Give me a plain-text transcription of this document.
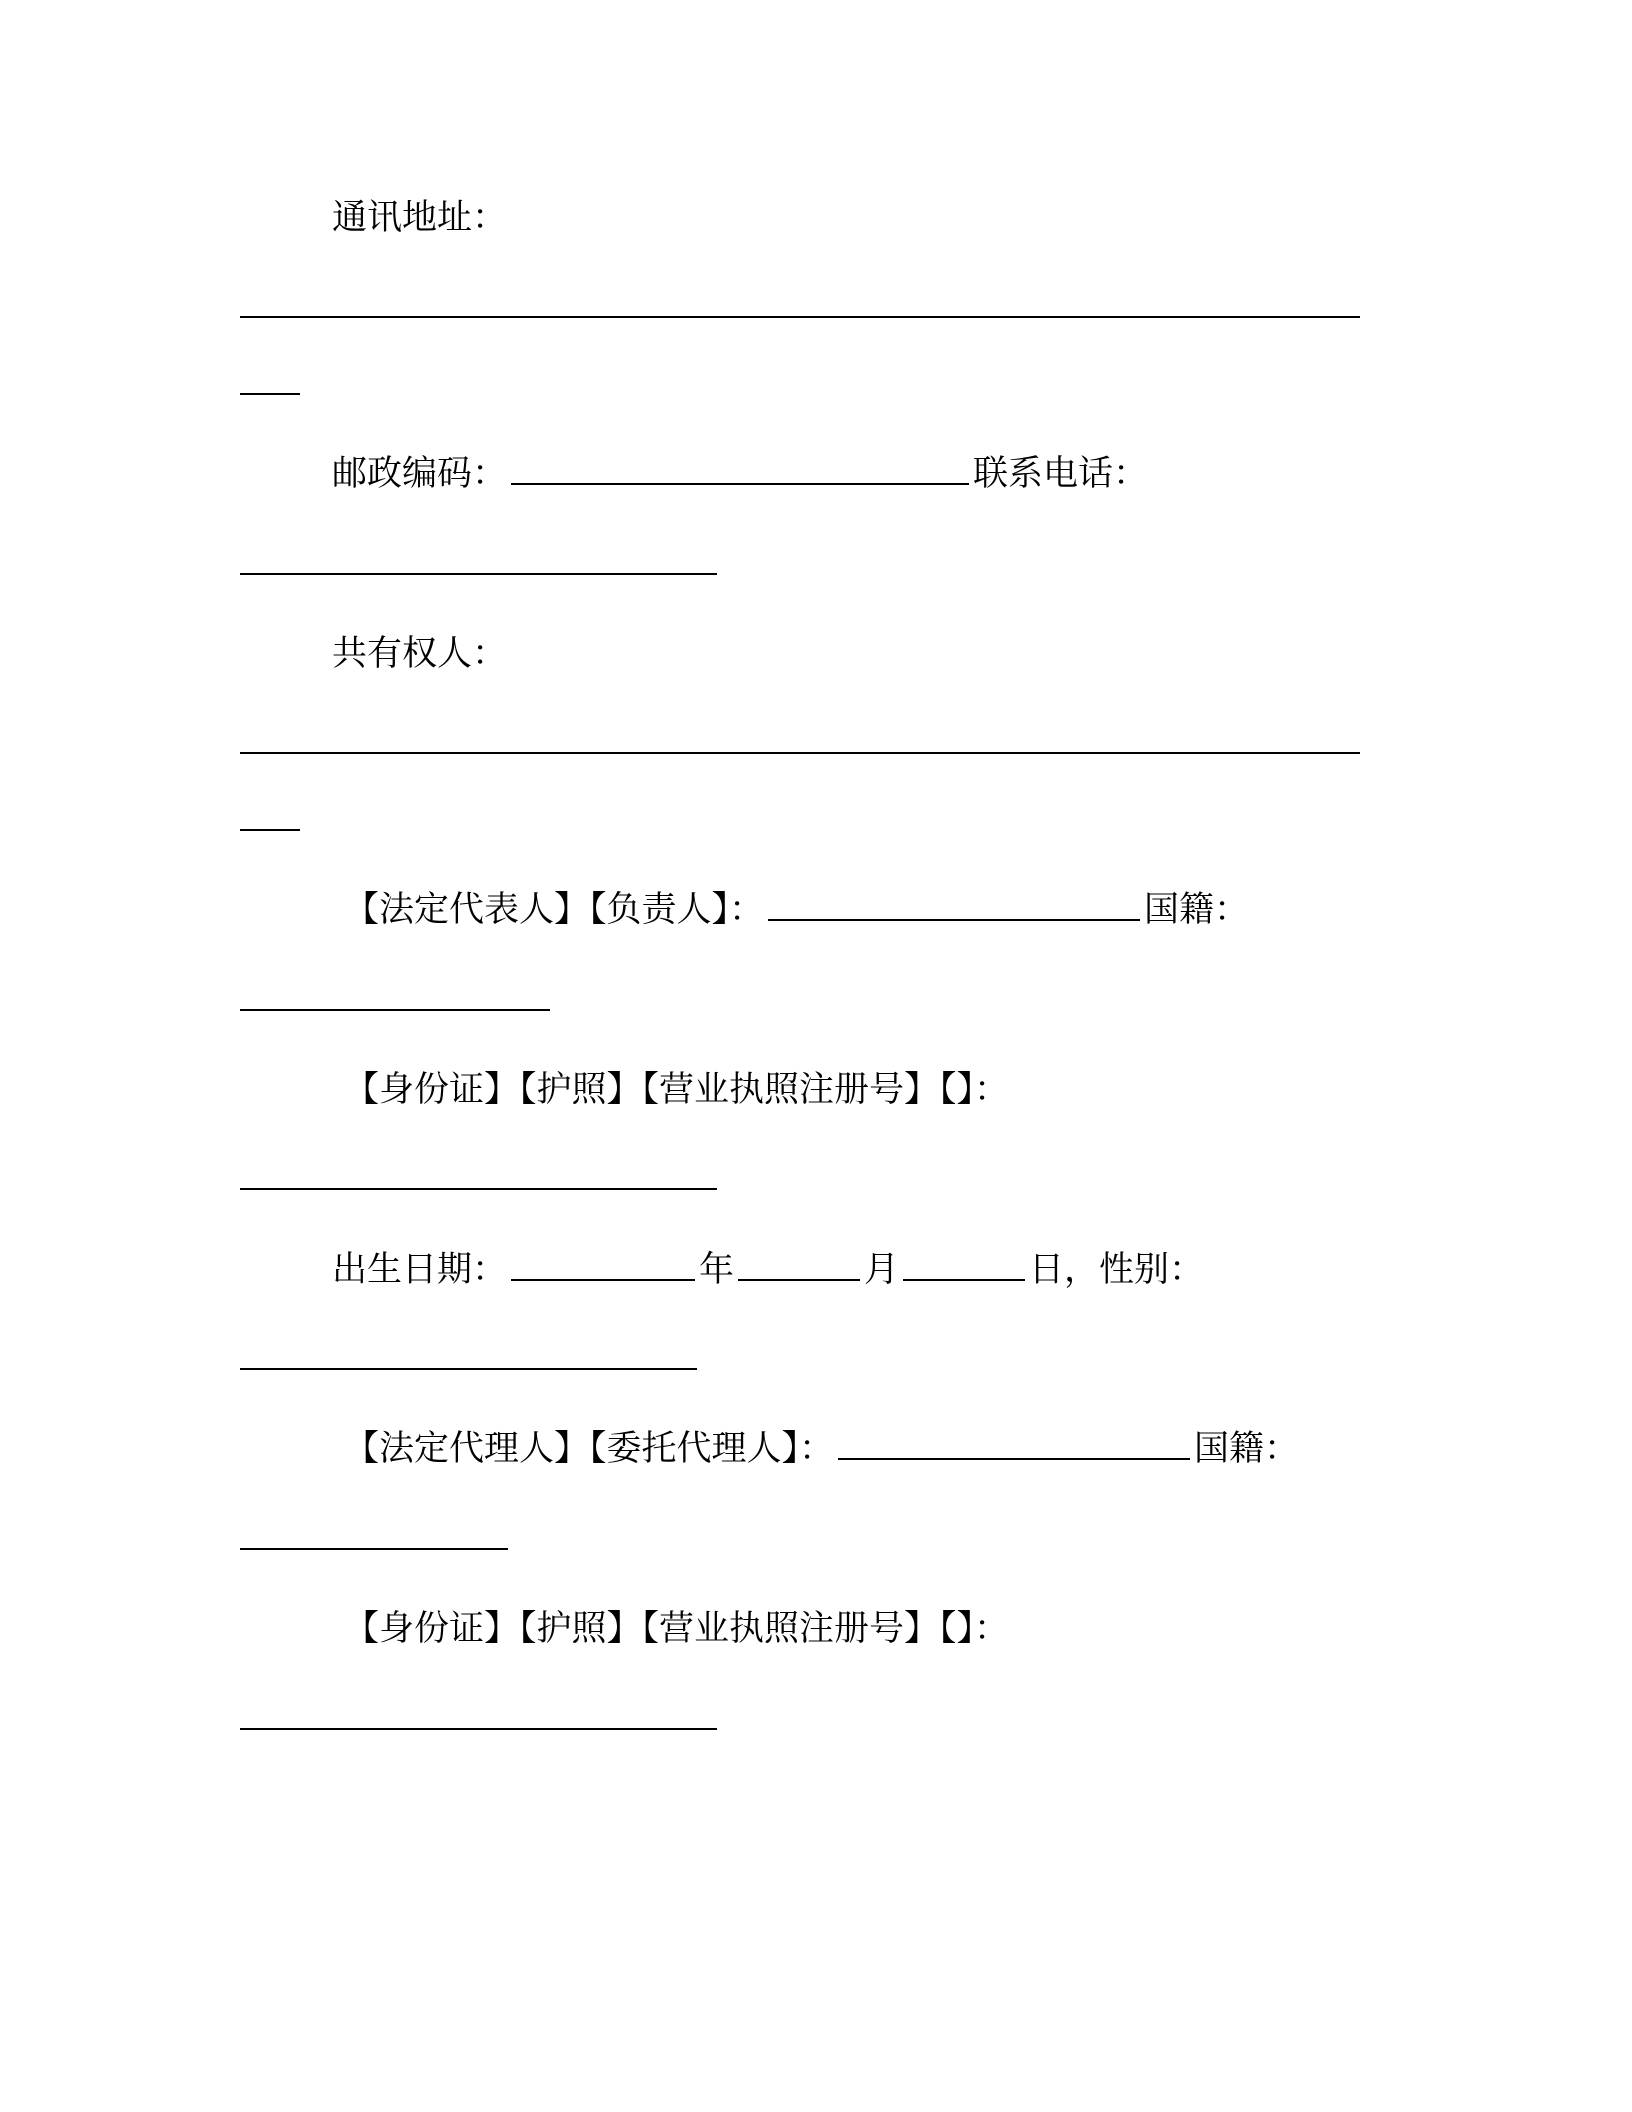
通讯地址：
邮政编码：	联系电话：
共有权人：
【法定代表人】【负责人】：	国籍：
【身份证】【护照】【营业执照注册号】【】：
出生日期：	年	月	日，性别：
【法定代理人】【委托代理人】：	国籍：
【身份证】【护照】【营业执照注册号】【】：
